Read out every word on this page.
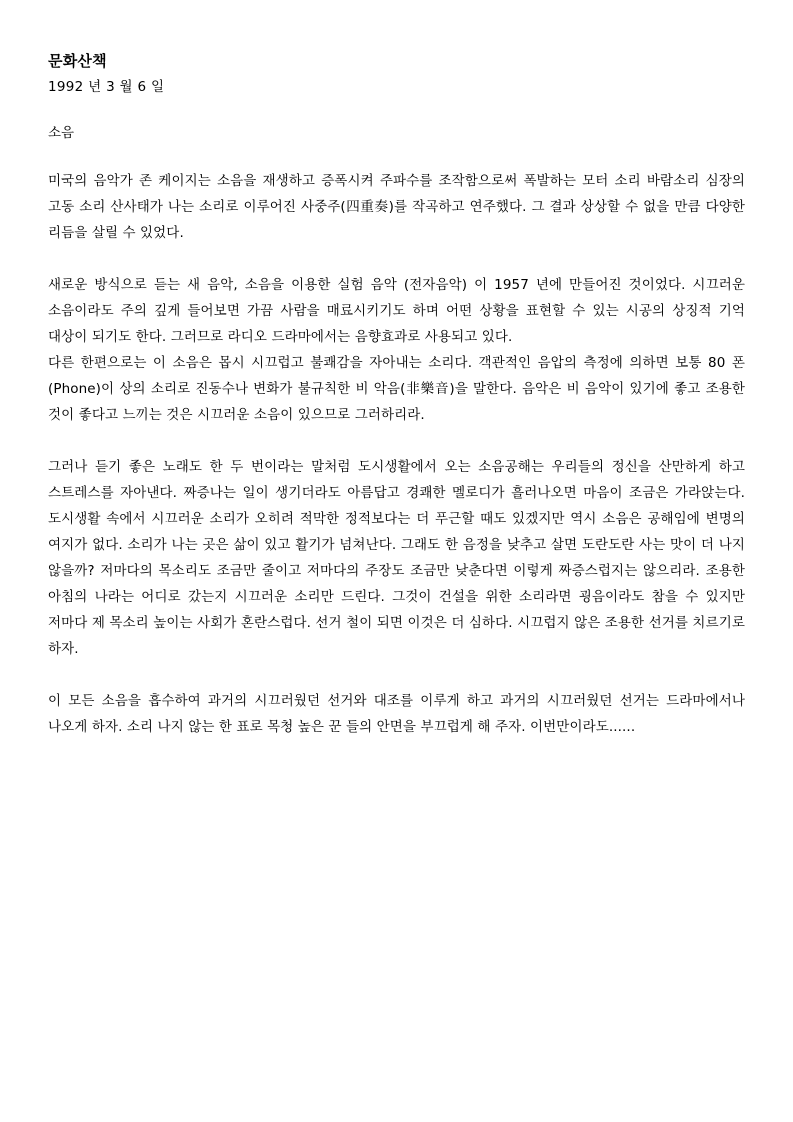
문화산책

1992 년 3 월 6 일

소음

미국의 음악가 존 케이지는 소음을 재생하고 증폭시켜 주파수를 조작함으로써 폭발하는 모터 소리 바람소리 심장의 고동 소리 산사태가 나는 소리로 이루어진 사중주(四重奏)를 작곡하고 연주했다. 그 결과 상상할 수 없을 만큼 다양한 리듬을 살릴 수 있었다.

새로운 방식으로 듣는 새 음악, 소음을 이용한 실험 음악 (전자음악) 이 1957 년에 만들어진 것이었다. 시끄러운 소음이라도 주의 깊게 들어보면 가끔 사람을 매료시키기도 하며 어떤 상황을 표현할 수 있는 시공의 상징적 기억 대상이 되기도 한다. 그러므로 라디오 드라마에서는 음향효과로 사용되고 있다.

다른 한편으로는 이 소음은 몹시 시끄럽고 불쾌감을 자아내는 소리다. 객관적인 음압의 측정에 의하면 보통 80 폰(Phone)이 상의 소리로 진동수나 변화가 불규칙한 비 악음(非樂音)을 말한다. 음악은 비 음악이 있기에 좋고 조용한 것이 좋다고 느끼는 것은 시끄러운 소음이 있으므로 그러하리라.

그러나 듣기 좋은 노래도 한 두 번이라는 말처럼 도시생활에서 오는 소음공해는 우리들의 정신을 산만하게 하고 스트레스를 자아낸다. 짜증나는 일이 생기더라도 아름답고 경쾌한 멜로디가 흘러나오면 마음이 조금은 가라앉는다. 도시생활 속에서 시끄러운 소리가 오히려 적막한 정적보다는 더 푸근할 때도 있겠지만 역시 소음은 공해임에 변명의 여지가 없다. 소리가 나는 곳은 삶이 있고 활기가 넘쳐난다. 그래도 한 음정을 낮추고 살면 도란도란 사는 맛이 더 나지 않을까? 저마다의 목소리도 조금만 줄이고 저마다의 주장도 조금만 낮춘다면 이렇게 짜증스럽지는 않으리라. 조용한 아침의 나라는 어디로 갔는지 시끄러운 소리만 드린다. 그것이 건설을 위한 소리라면 굉음이라도 참을 수 있지만 저마다 제 목소리 높이는 사회가 혼란스럽다. 선거 철이 되면 이것은 더 심하다. 시끄럽지 않은 조용한 선거를 치르기로 하자.

이 모든 소음을 흡수하여 과거의 시끄러웠던 선거와 대조를 이루게 하고 과거의 시끄러웠던 선거는 드라마에서나 나오게 하자. 소리 나지 않는 한 표로 목청 높은 꾼 들의 안면을 부끄럽게 해 주자. 이번만이라도......
